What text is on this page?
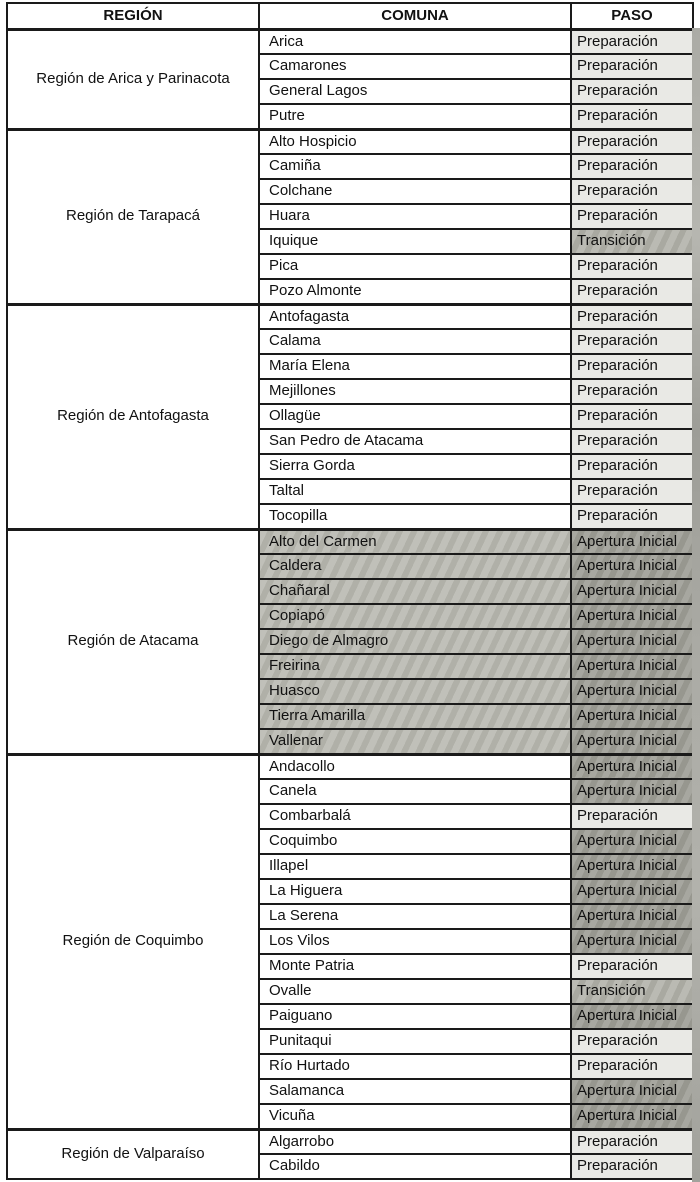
REGIÓN	COMUNA	PASO
Región de Arica y Parinacota	Arica	Preparación
	Camarones	Preparación
	General Lagos	Preparación
	Putre	Preparación
Región de Tarapacá	Alto Hospicio	Preparación
	Camiña	Preparación
	Colchane	Preparación
	Huara	Preparación
	Iquique	Transición
	Pica	Preparación
	Pozo Almonte	Preparación
Región de Antofagasta	Antofagasta	Preparación
	Calama	Preparación
	María Elena	Preparación
	Mejillones	Preparación
	Ollagüe	Preparación
	San Pedro de Atacama	Preparación
	Sierra Gorda	Preparación
	Taltal	Preparación
	Tocopilla	Preparación
Región de Atacama	Alto del Carmen	Apertura Inicial
	Caldera	Apertura Inicial
	Chañaral	Apertura Inicial
	Copiapó	Apertura Inicial
	Diego de Almagro	Apertura Inicial
	Freirina	Apertura Inicial
	Huasco	Apertura Inicial
	Tierra Amarilla	Apertura Inicial
	Vallenar	Apertura Inicial
Región de Coquimbo	Andacollo	Apertura Inicial
	Canela	Apertura Inicial
	Combarbalá	Preparación
	Coquimbo	Apertura Inicial
	Illapel	Apertura Inicial
	La Higuera	Apertura Inicial
	La Serena	Apertura Inicial
	Los Vilos	Apertura Inicial
	Monte Patria	Preparación
	Ovalle	Transición
	Paiguano	Apertura Inicial
	Punitaqui	Preparación
	Río Hurtado	Preparación
	Salamanca	Apertura Inicial
	Vicuña	Apertura Inicial
Región de Valparaíso	Algarrobo	Preparación
	Cabildo	Preparación
